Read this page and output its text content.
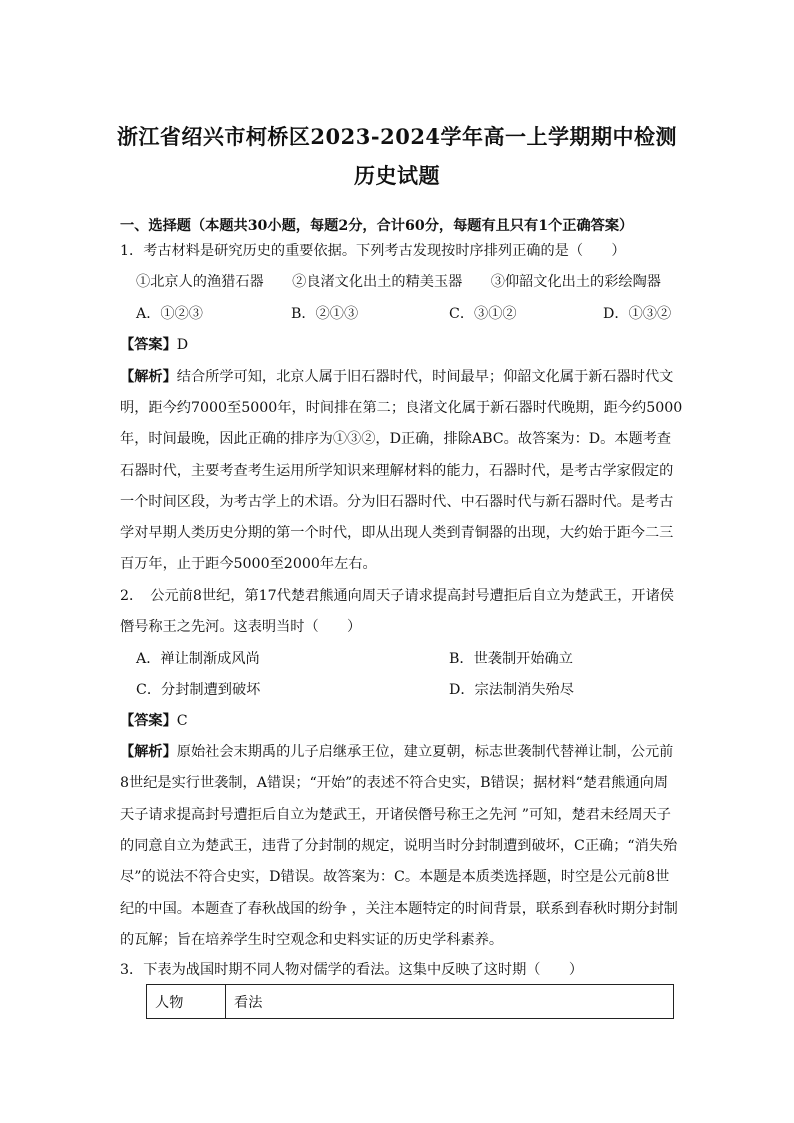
浙江省绍兴市柯桥区2023-2024学年高一上学期期中检测
历史试题
一、选择题（本题共30小题，每题2分，合计60分，每题有且只有1个正确答案）
1．考古材料是研究历史的重要依据。下列考古发现按时序排列正确的是（　　）
①北京人的渔猎石器　　②良渚文化出土的精美玉器　　③仰韶文化出土的彩绘陶器
A．①②③	B．②①③	C．③①②	D．①③②
【答案】D
【解析】结合所学可知，北京人属于旧石器时代，时间最早；仰韶文化属于新石器时代文
明，距今约7000至5000年，时间排在第二；良渚文化属于新石器时代晚期，距今约5000
年，时间最晚，因此正确的排序为①③②，D正确，排除ABC。故答案为：D。本题考查
石器时代，主要考查考生运用所学知识来理解材料的能力，石器时代，是考古学家假定的
一个时间区段，为考古学上的术语。分为旧石器时代、中石器时代与新石器时代。是考古
学对早期人类历史分期的第一个时代，即从出现人类到青铜器的出现，大约始于距今二三
百万年，止于距今5000至2000年左右。
2．　公元前8世纪，第17代楚君熊通向周天子请求提高封号遭拒后自立为楚武王，开诸侯
僭号称王之先河。这表明当时（　　）
A．禅让制渐成风尚	B．世袭制开始确立
C．分封制遭到破坏	D．宗法制消失殆尽
【答案】C
【解析】原始社会末期禹的儿子启继承王位，建立夏朝，标志世袭制代替禅让制，公元前
8世纪是实行世袭制，A错误；“开始”的表述不符合史实，B错误；据材料“楚君熊通向周
天子请求提高封号遭拒后自立为楚武王，开诸侯僭号称王之先河 ”可知，楚君未经周天子
的同意自立为楚武王，违背了分封制的规定，说明当时分封制遭到破坏，C正确；“消失殆
尽”的说法不符合史实，D错误。故答案为：C。本题是本质类选择题，时空是公元前8世
纪的中国。本题查了春秋战国的纷争 ，关注本题特定的时间背景，联系到春秋时期分封制
的瓦解；旨在培养学生时空观念和史料实证的历史学科素养。
3．下表为战国时期不同人物对儒学的看法。这集中反映了这时期（　　）
人物	看法
